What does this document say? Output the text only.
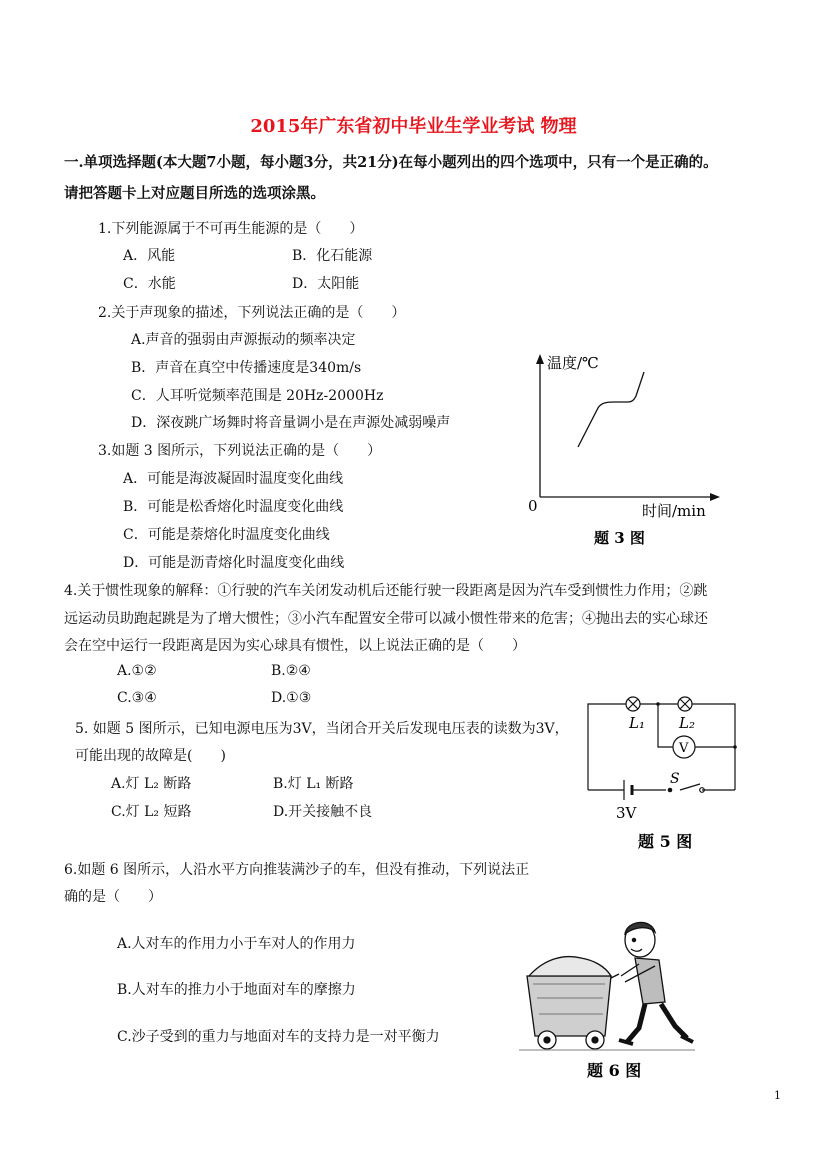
2015年广东省初中毕业生学业考试 物理
一.单项选择题(本大题7小题，每小题3分，共21分)在每小题列出的四个选项中，只有一个是正确的。
请把答题卡上对应题目所选的选项涂黑。
1.下列能源属于不可再生能源的是（　　）
A．风能	B．化石能源
C．水能	D．太阳能
2.关于声现象的描述，下列说法正确的是（　　）
A.声音的强弱由声源振动的频率决定
B．声音在真空中传播速度是340m/s
C．人耳听觉频率范围是 20Hz-2000Hz
D．深夜跳广场舞时将音量调小是在声源处减弱噪声
3.如题 3 图所示，下列说法正确的是（　　）
A．可能是海波凝固时温度变化曲线
B．可能是松香熔化时温度变化曲线
C．可能是萘熔化时温度变化曲线
D．可能是沥青熔化时温度变化曲线
温度/℃
0	时间/min
题 3 图
4.关于惯性现象的解释：①行驶的汽车关闭发动机后还能行驶一段距离是因为汽车受到惯性力作用；②跳
远运动员助跑起跳是为了增大惯性；③小汽车配置安全带可以减小惯性带来的危害；④抛出去的实心球还
会在空中运行一段距离是因为实心球具有惯性，以上说法正确的是（　　）
A.①②	B.②④
C.③④	D.①③
5. 如题 5 图所示，已知电源电压为3V，当闭合开关后发现电压表的读数为3V，
可能出现的故障是(　　)
A.灯 L₂ 断路	B.灯 L₁ 断路
C.灯 L₂ 短路	D.开关接触不良
L₁ L₂
V
S
3V
题 5 图
6.如题 6 图所示，人沿水平方向推装满沙子的车，但没有推动，下列说法正
确的是（　　）
A.人对车的作用力小于车对人的作用力
B.人对车的推力小于地面对车的摩擦力
C.沙子受到的重力与地面对车的支持力是一对平衡力
题 6 图
1
